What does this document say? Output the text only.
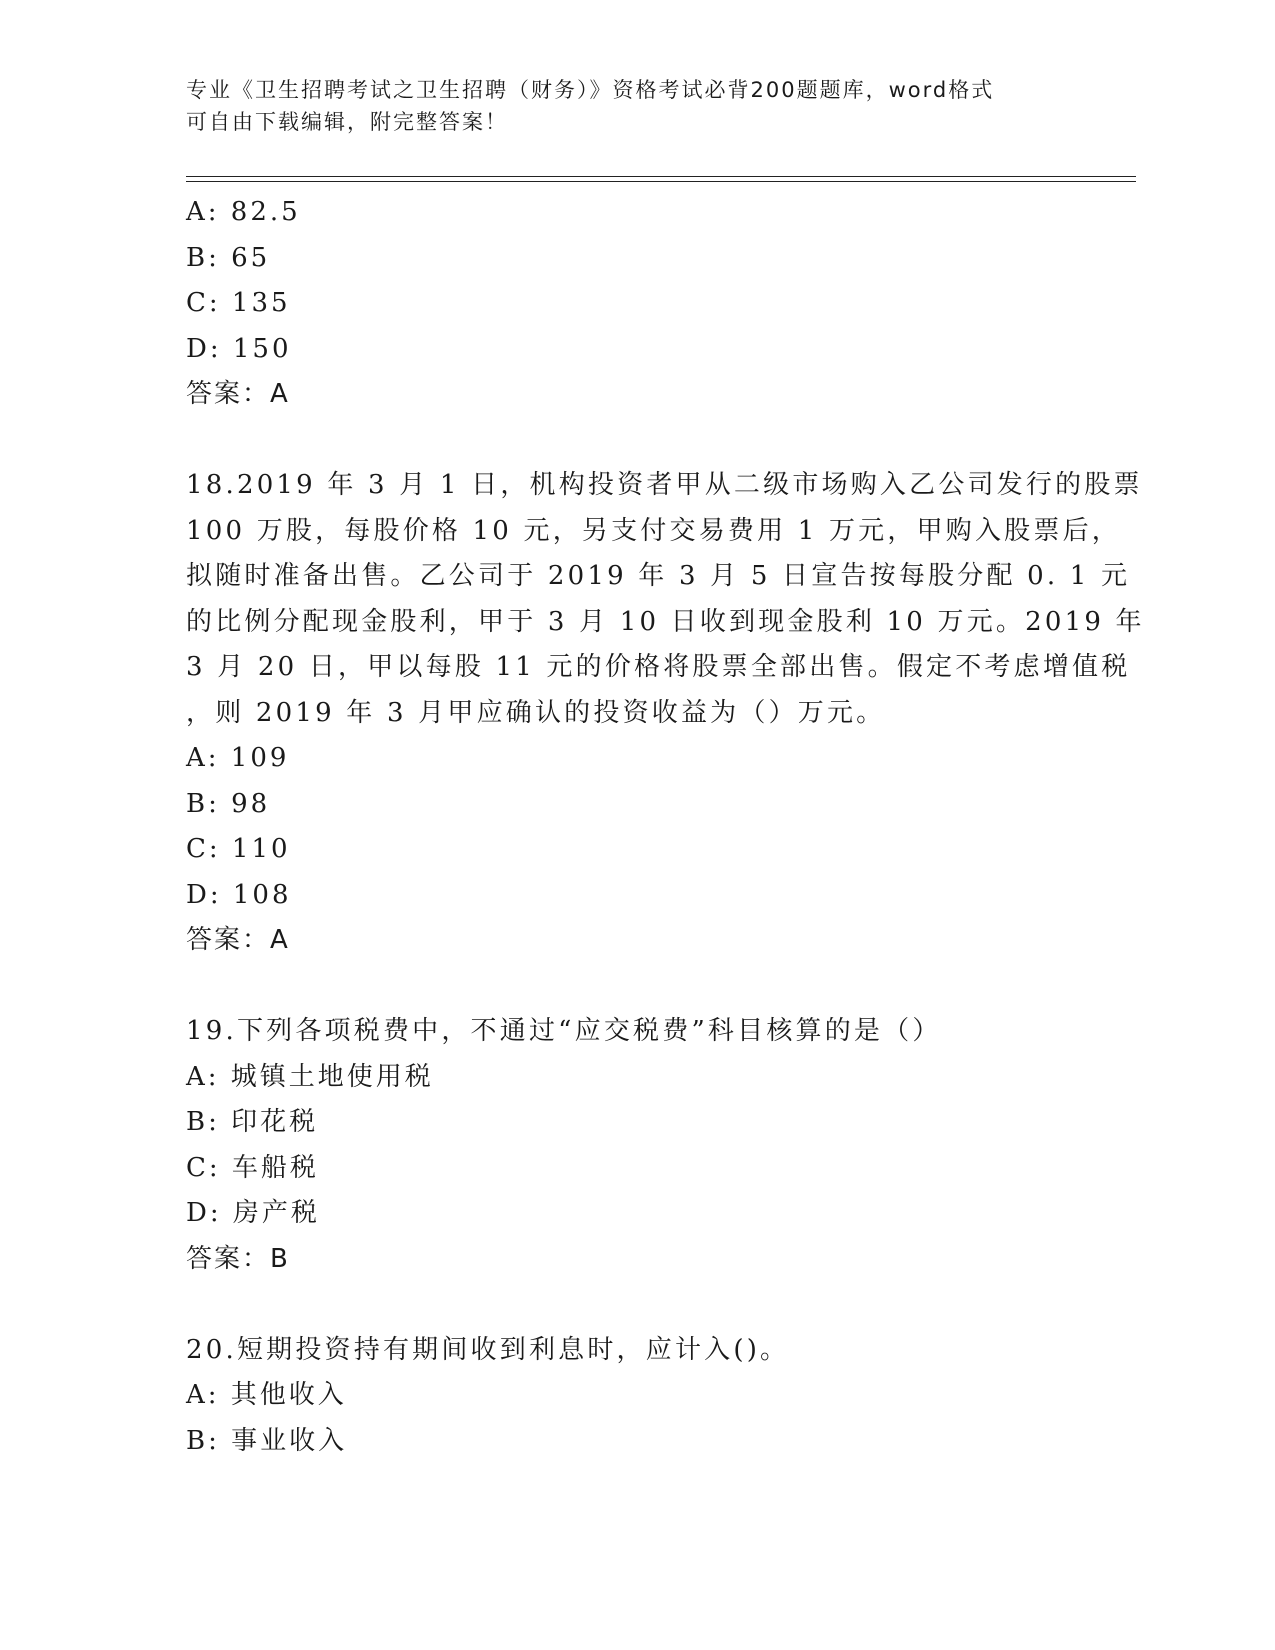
专业《卫生招聘考试之卫生招聘（财务）》资格考试必背200题题库，word格式
可自由下载编辑，附完整答案！
A: 82.5
B: 65
C: 135
D: 150
答案：A
18.2019 年 3 月 1 日，机构投资者甲从二级市场购入乙公司发行的股票
100 万股，每股价格 10 元，另支付交易费用 1 万元，甲购入股票后，
拟随时准备出售。乙公司于 2019 年 3 月 5 日宣告按每股分配 0. 1 元
的比例分配现金股利，甲于 3 月 10 日收到现金股利 10 万元。2019 年
3 月 20 日，甲以每股 11 元的价格将股票全部出售。假定不考虑增值税
，则 2019 年 3 月甲应确认的投资收益为（）万元。
A: 109
B: 98
C: 110
D: 108
答案：A
19.下列各项税费中，不通过“应交税费”科目核算的是（）
A: 城镇土地使用税
B: 印花税
C: 车船税
D: 房产税
答案：B
20.短期投资持有期间收到利息时，应计入()。
A: 其他收入
B: 事业收入
